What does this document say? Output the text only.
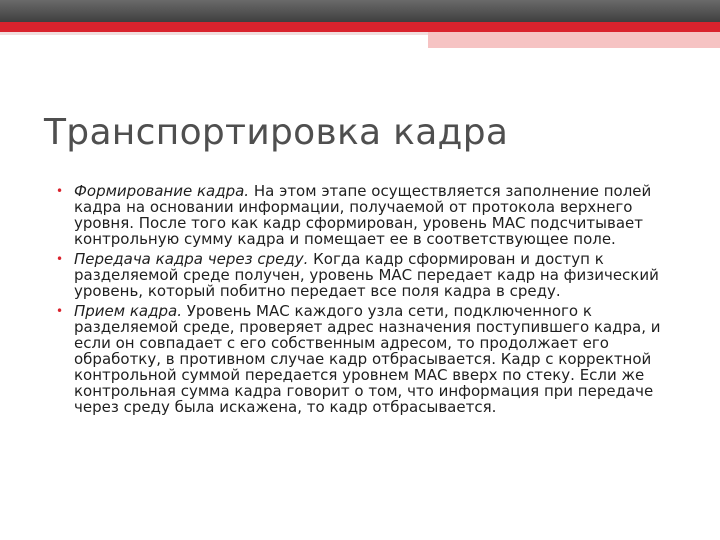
Транспортировка кадра
• Формирование кадра. На этом этапе осуществляется заполнение полей кадра на основании информации, получаемой от протокола верхнего уровня. После того как кадр сформирован, уровень МАС подсчитывает контрольную сумму кадра и помещает ее в соответствующее поле.
• Передача кадра через среду. Когда кадр сформирован и доступ к разделяемой среде получен, уровень МАС передает кадр на физический уровень, который побитно передает все поля кадра в среду.
• Прием кадра. Уровень МАС каждого узла сети, подключенного к разделяемой среде, проверяет адрес назначения поступившего кадра, и если он совпадает с его собственным адресом, то продолжает его обработку, в противном случае кадр отбрасывается. Кадр с корректной контрольной суммой передается уровнем МАС вверх по стеку. Если же контрольная сумма кадра говорит о том, что информация при передаче через среду была искажена, то кадр отбрасывается.
